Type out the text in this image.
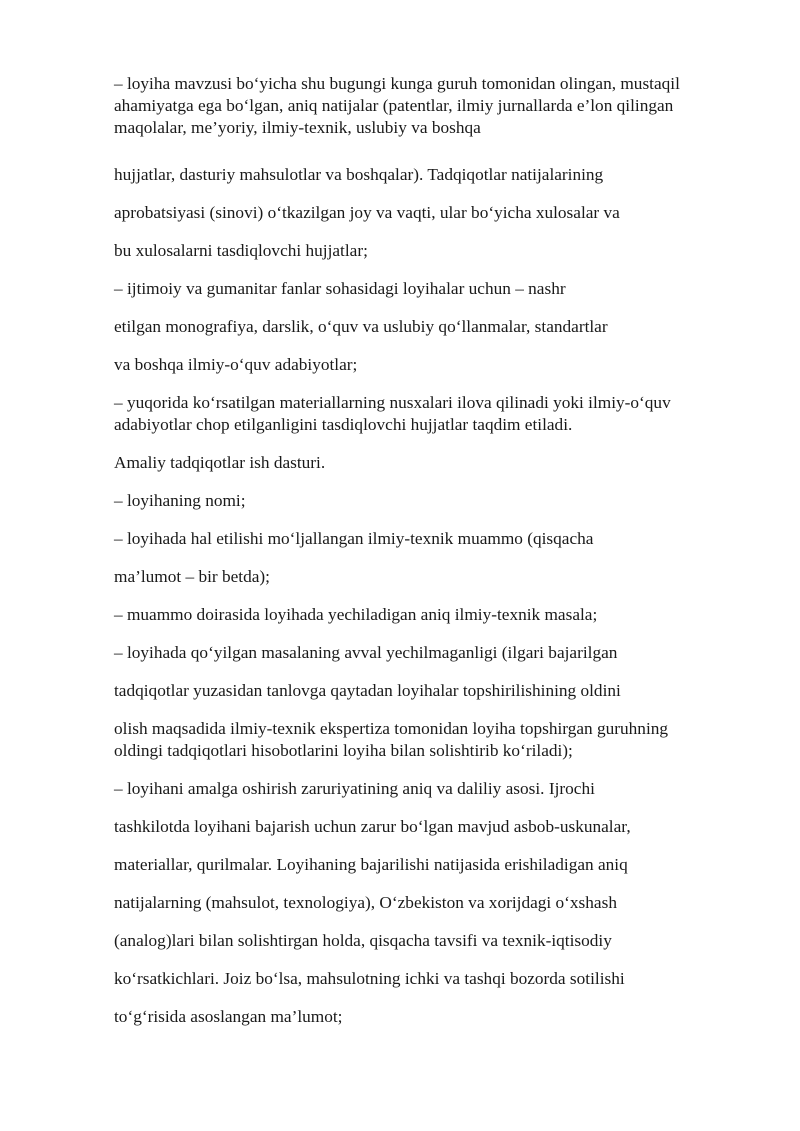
– loyiha mavzusi bo‘yicha shu bugungi kunga guruh tomonidan olingan, mustaqil
ahamiyatga ega bo‘lgan, aniq natijalar (patentlar, ilmiy jurnallarda e’lon qilingan
maqolalar, me’yoriy, ilmiy-texnik, uslubiy va boshqa
hujjatlar, dasturiy mahsulotlar va boshqalar). Tadqiqotlar natijalarining
aprobatsiyasi (sinovi) o‘tkazilgan joy va vaqti, ular bo‘yicha xulosalar va
bu xulosalarni tasdiqlovchi hujjatlar;
– ijtimoiy va gumanitar fanlar sohasidagi loyihalar uchun – nashr
etilgan monografiya, darslik, o‘quv va uslubiy qo‘llanmalar, standartlar
va boshqa ilmiy-o‘quv adabiyotlar;
– yuqorida ko‘rsatilgan materiallarning nusxalari ilova qilinadi yoki ilmiy-o‘quv
adabiyotlar chop etilganligini tasdiqlovchi hujjatlar taqdim etiladi.
Amaliy tadqiqotlar ish dasturi.
– loyihaning nomi;
– loyihada hal etilishi mo‘ljallangan ilmiy-texnik muammo (qisqacha
ma’lumot – bir betda);
– muammo doirasida loyihada yechiladigan aniq ilmiy-texnik masala;
– loyihada qo‘yilgan masalaning avval yechilmaganligi (ilgari bajarilgan
tadqiqotlar yuzasidan tanlovga qaytadan loyihalar topshirilishining oldini
olish maqsadida ilmiy-texnik ekspertiza tomonidan loyiha topshirgan guruhning
oldingi tadqiqotlari hisobotlarini loyiha bilan solishtirib ko‘riladi);
– loyihani amalga oshirish zaruriyatining aniq va daliliy asosi. Ijrochi
tashkilotda loyihani bajarish uchun zarur bo‘lgan mavjud asbob-uskunalar,
materiallar, qurilmalar. Loyihaning bajarilishi natijasida erishiladigan aniq
natijalarning (mahsulot, texnologiya), O‘zbekiston va xorijdagi o‘xshash
(analog)lari bilan solishtirgan holda, qisqacha tavsifi va texnik-iqtisodiy
ko‘rsatkichlari. Joiz bo‘lsa, mahsulotning ichki va tashqi bozorda sotilishi
to‘g‘risida asoslangan ma’lumot;
